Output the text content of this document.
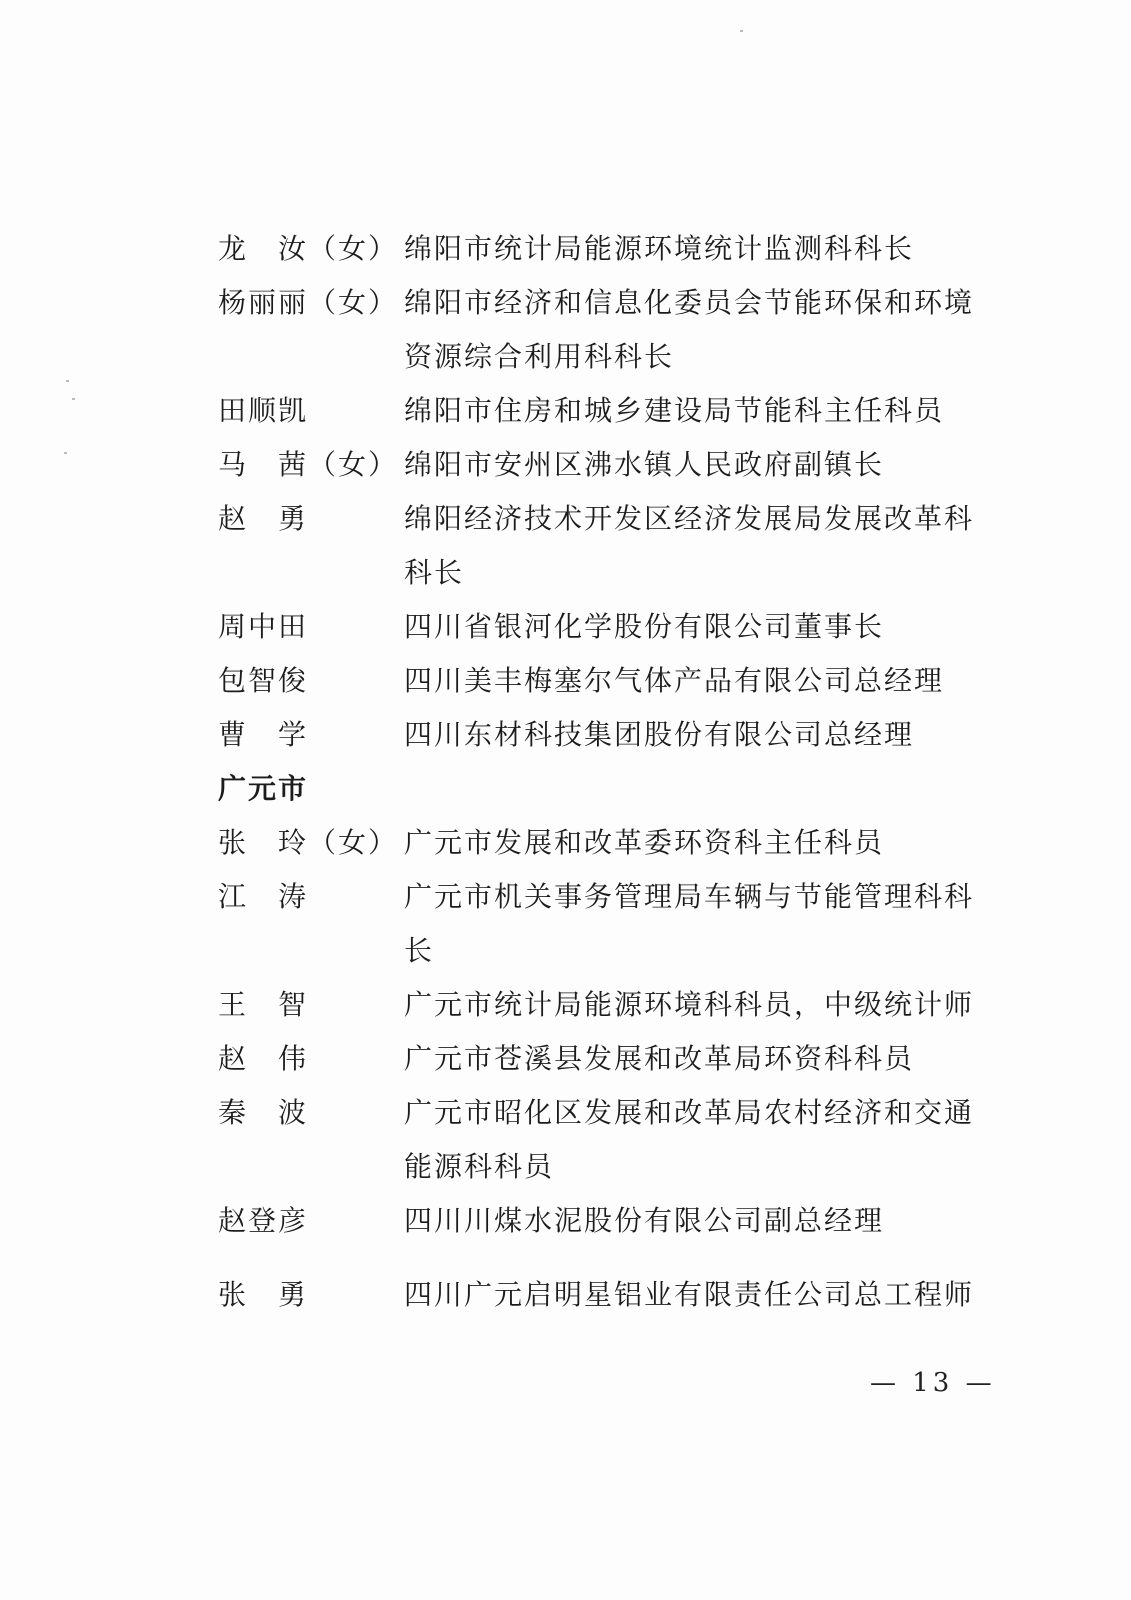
龙　汝（女） 绵阳市统计局能源环境统计监测科科长
杨丽丽（女） 绵阳市经济和信息化委员会节能环保和环境资源综合利用科科长
田顺凯	绵阳市住房和城乡建设局节能科主任科员
马　茜（女） 绵阳市安州区沸水镇人民政府副镇长
赵　勇	绵阳经济技术开发区经济发展局发展改革科科长
周中田	四川省银河化学股份有限公司董事长
包智俊	四川美丰梅塞尔气体产品有限公司总经理
曹　学	四川东材科技集团股份有限公司总经理
广元市
张　玲（女） 广元市发展和改革委环资科主任科员
江　涛	广元市机关事务管理局车辆与节能管理科科长
王　智	广元市统计局能源环境科科员，中级统计师
赵　伟	广元市苍溪县发展和改革局环资科科员
秦　波	广元市昭化区发展和改革局农村经济和交通能源科科员
赵登彦	四川川煤水泥股份有限公司副总经理
张　勇	四川广元启明星铝业有限责任公司总工程师
— 13 —
